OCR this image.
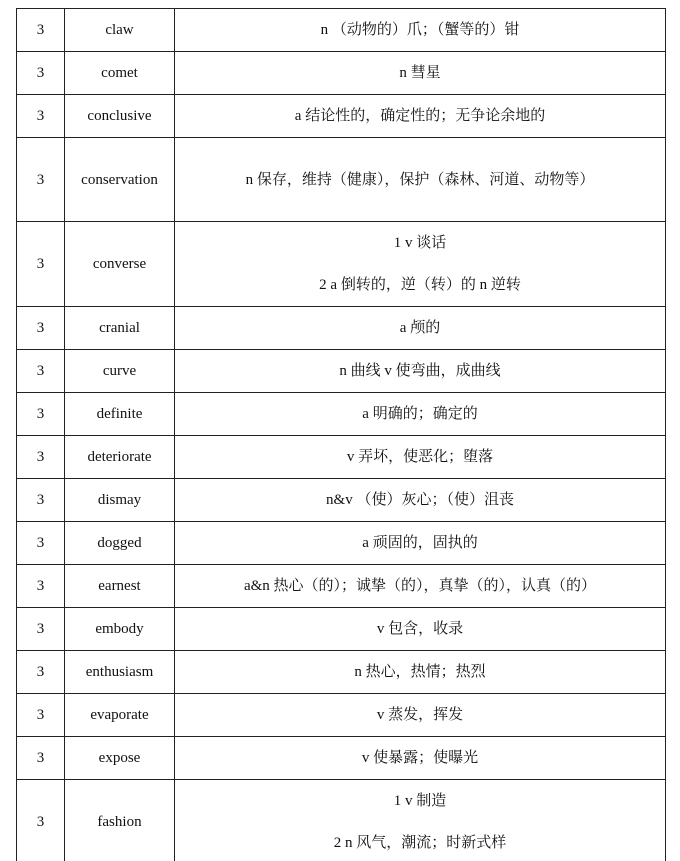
3	claw	n （动物的）爪；（蟹等的）钳

3	comet	n 彗星

3	conclusive	a 结论性的，确定性的；无争论余地的

3	conservation	n 保存，维持（健康），保护（森林、河道、动物等）

3	converse	1 v 谈话
2 a 倒转的，逆（转）的 n 逆转

3	cranial	a 颅的

3	curve	n 曲线 v 使弯曲，成曲线

3	definite	a 明确的；确定的

3	deteriorate	v 弄坏，使恶化；堕落

3	dismay	n&v （使）灰心；（使）沮丧

3	dogged	a 顽固的，固执的

3	earnest	a&n 热心（的）；诚挚（的），真挚（的），认真（的）

3	embody	v 包含，收录

3	enthusiasm	n 热心，热情；热烈

3	evaporate	v 蒸发，挥发

3	expose	v 使暴露；使曝光

3	fashion	1 v 制造
2 n 风气，潮流；时新式样
